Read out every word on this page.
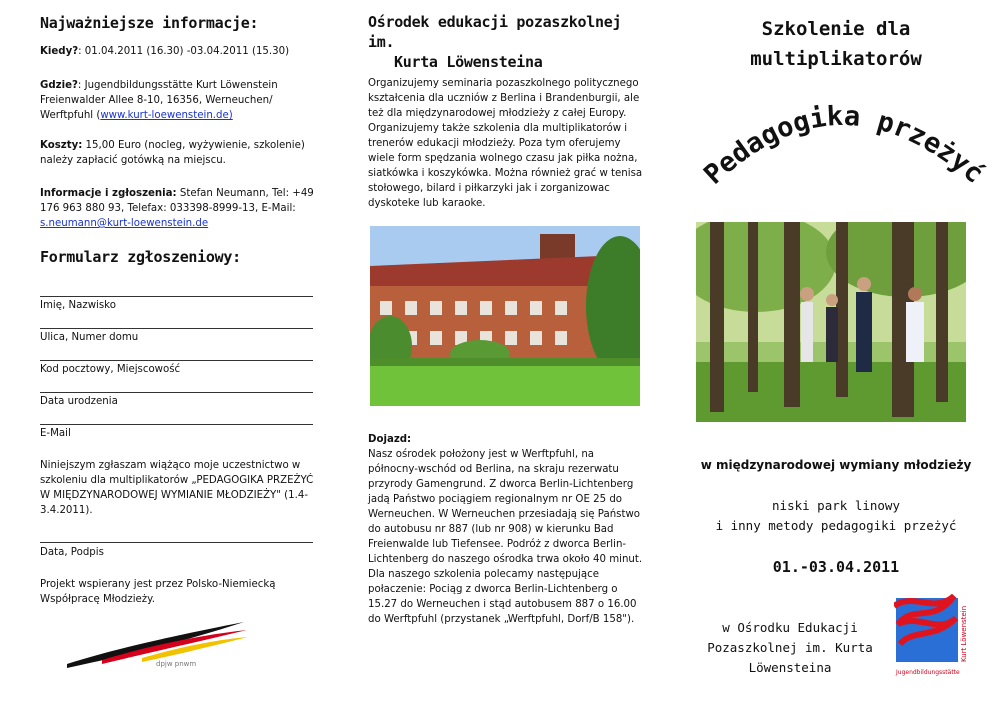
Najważniejsze informacje:
Kiedy?: 01.04.2011 (16.30) -03.04.2011 (15.30)
Gdzie?: Jugendbildungsstätte Kurt Löwenstein Freienwalder Allee 8-10, 16356, Werneuchen/ Werftpfuhl (www.kurt-loewenstein.de)
Koszty: 15,00 Euro (nocleg, wyżywienie, szkolenie) należy zapłacić gotówką na miejscu.
Informacje i zgłoszenia: Stefan Neumann, Tel: +49 176 963 880 93, Telefax: 033398-8999-13, E-Mail: s.neumann@kurt-loewenstein.de
Formularz zgłoszeniowy:
Imię, Nazwisko
Ulica, Numer domu
Kod pocztowy, Miejscowość
Data urodzenia
E-Mail
Niniejszym zgłaszam wiążąco moje uczestnictwo w szkoleniu dla multiplikatorów „PEDAGOGIKA PRZEŻYĆ W MIĘDZYNARODOWEJ WYMIANIE MŁODZIEŻY" (1.4-3.4.2011).
Data, Podpis
Projekt wspierany jest przez Polsko-Niemiecką Współpracę Młodzieży.
dpjw pnwm
Ośrodek edukacji pozaszkolnej im.
Kurta Löwensteina
Organizujemy seminaria pozaszkolnego politycznego kształcenia dla uczniów z Berlina i Brandenburgii, ale też dla międzynarodowej młodzieży z całej Europy. Organizujemy także szkolenia dla multiplikatorów i trenerów edukacji młodzieży. Poza tym oferujemy wiele form spędzania wolnego czasu jak piłka nożna, siatkówka i koszykówka. Można również grać w tenisa stołowego, bilard i piłkarzyki jak i zorganizowac dyskoteke lub karaoke.
Dojazd:
Nasz ośrodek położony jest w Werftpfuhl, na północny-wschód od Berlina, na skraju rezerwatu przyrody Gamengrund. Z dworca Berlin-Lichtenberg jadą Państwo pociągiem regionalnym nr OE 25 do Werneuchen. W Werneuchen przesiadają się Państwo do autobusu nr 887 (lub nr 908) w kierunku Bad Freienwalde lub Tiefensee. Podróż z dworca Berlin-Lichtenberg do naszego ośrodka trwa około 40 minut. Dla naszego szkolenia polecamy następujące połaczenie: Pociąg z dworca Berlin-Lichtenberg o 15.27 do Werneuchen i stąd autobusem 887 o 16.00 do Werftpfuhl (przystanek „Werftpfuhl, Dorf/B 158").
Szkolenie dla
multiplikatorów
Pedagogika przeżyć
w międzynarodowej wymiany młodzieży
niski park linowy
i inny metody pedagogiki przeżyć
01.-03.04.2011
w Ośrodku Edukacji
Pozaszkolnej im. Kurta
Löwensteina
Kurt Löwenstein
Jugendbildungsstätte
